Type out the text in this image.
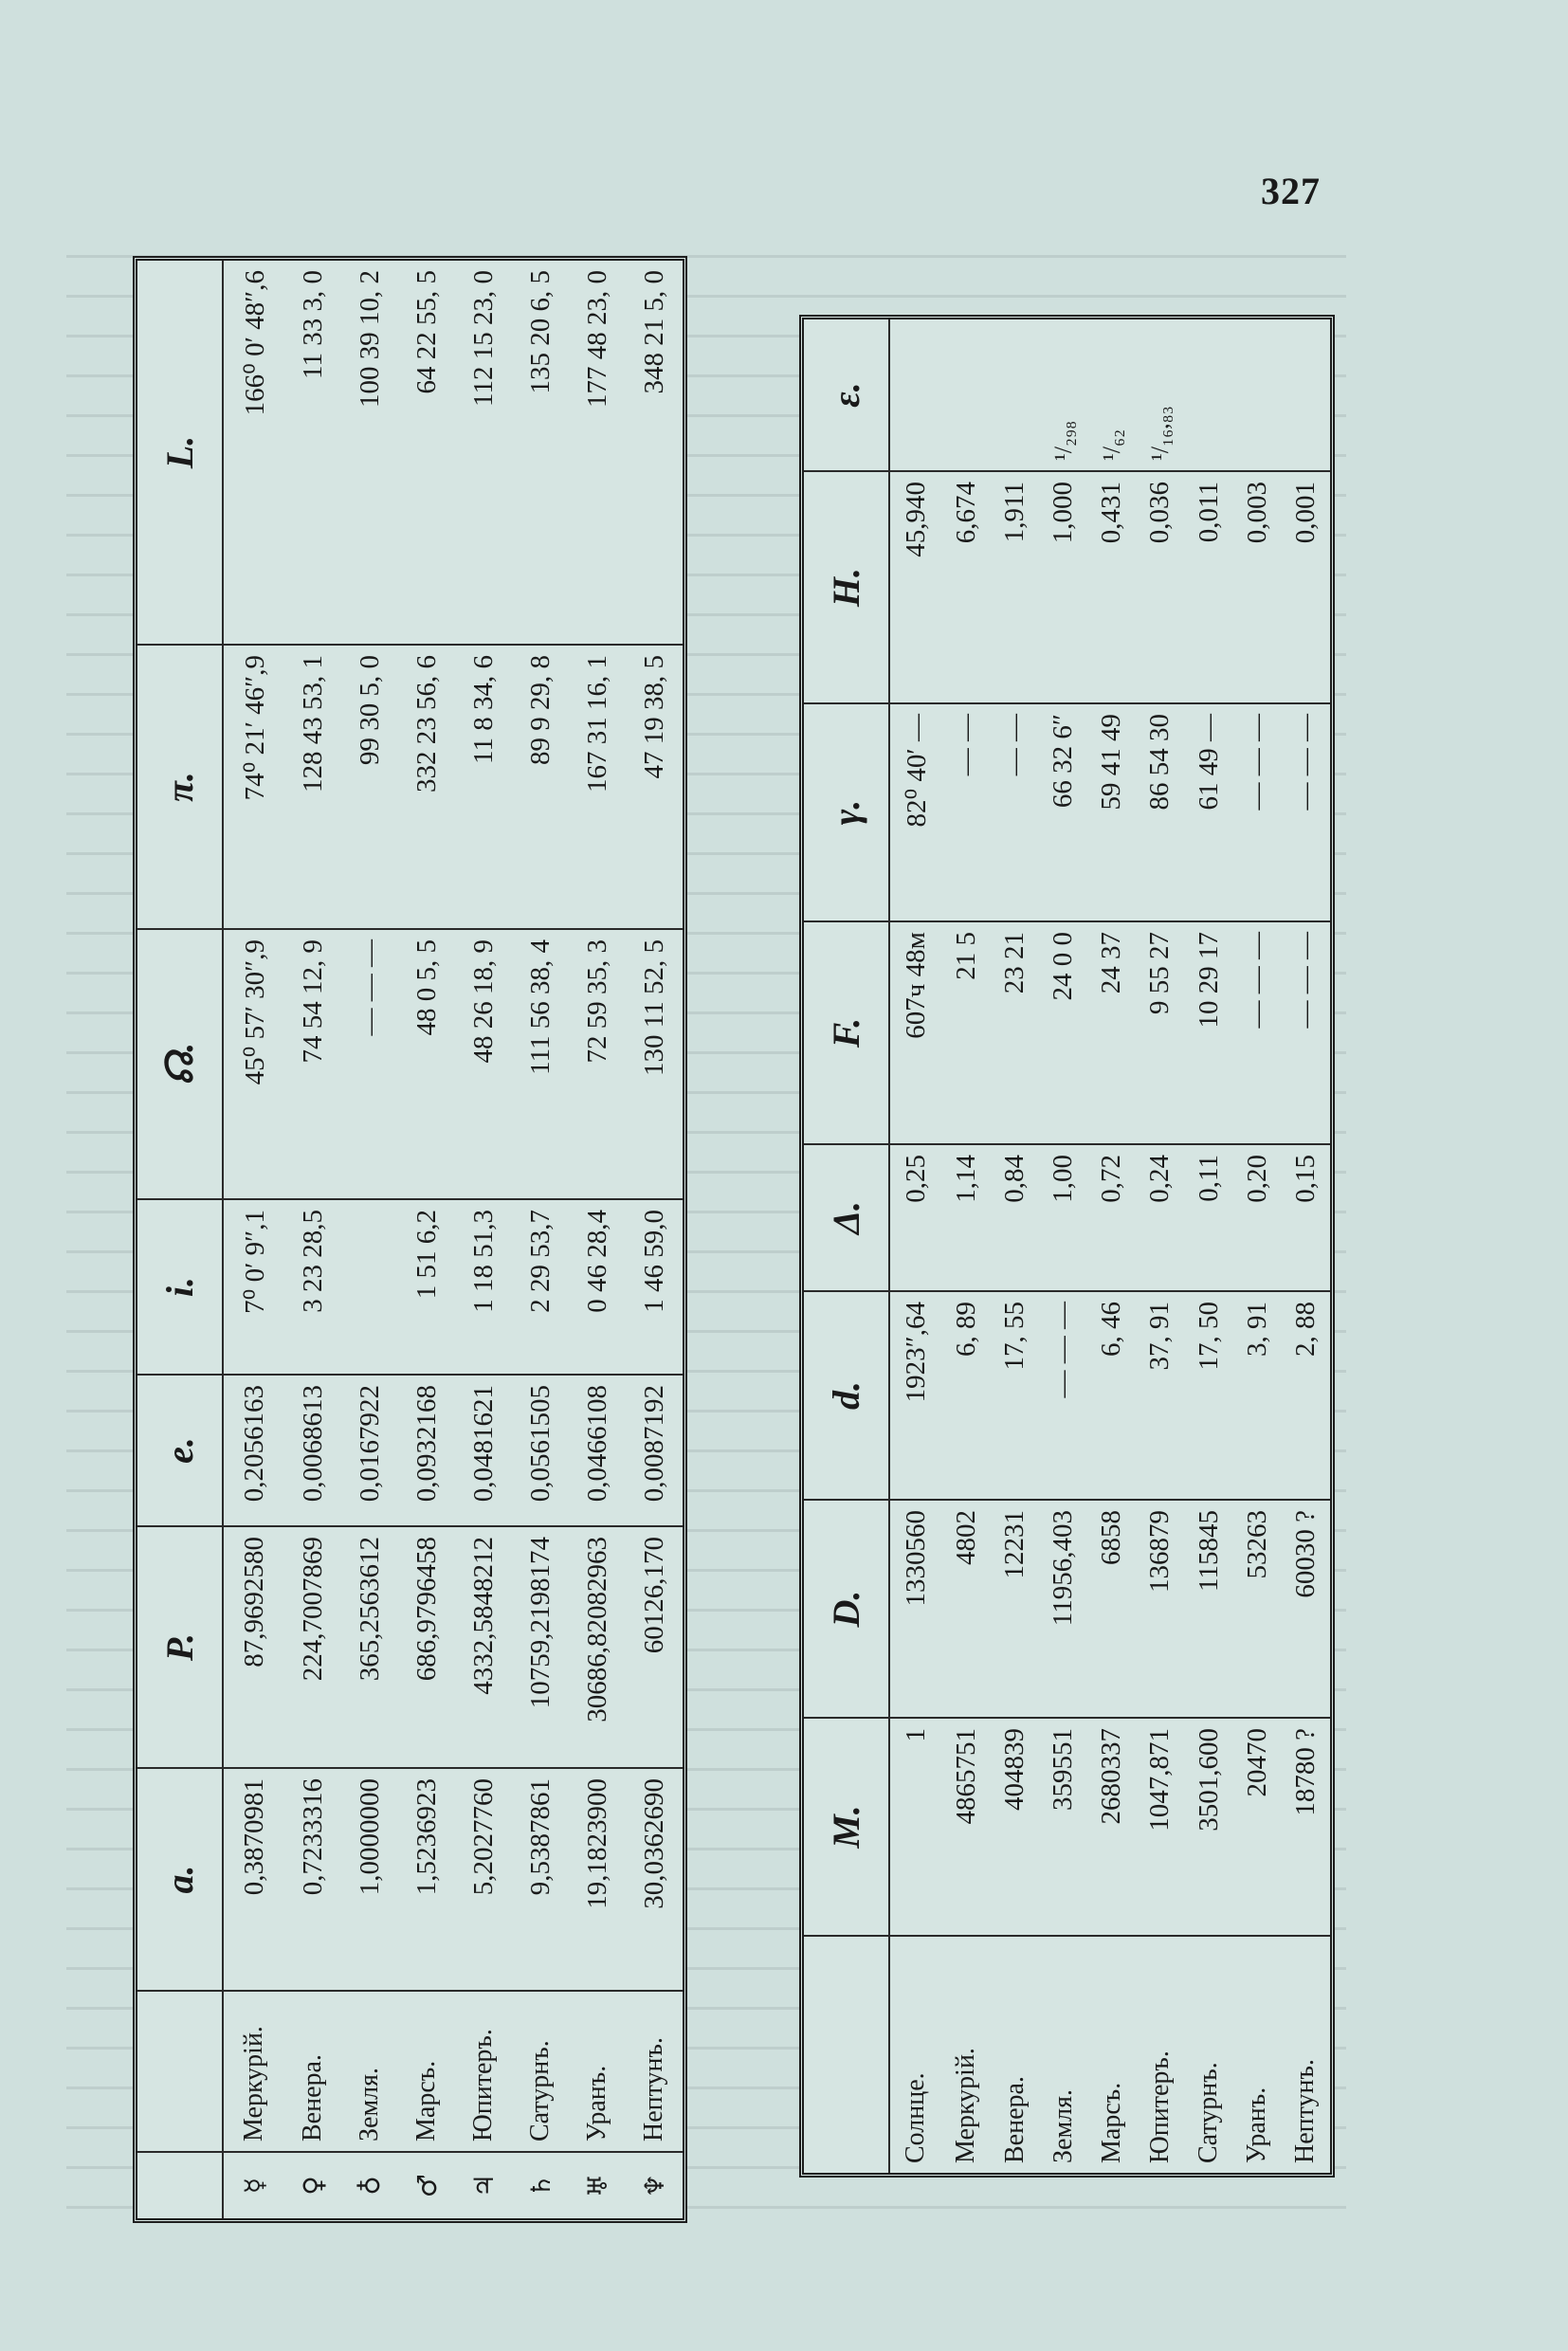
327
		a.	P.	e.	i.	☊.	π.	L.
☿	Меркурій.	0,3870981	87,9692580	0,2056163	7⁰ 0′ 9″,1	45⁰ 57′ 30″,9	74⁰ 21′ 46″,9	166⁰ 0′ 48″,6
♀	Венера.	0,7233316	224,7007869	0,0068613	3 23 28,5	74 54 12, 9	128 43 53, 1	11 33 3, 0
♁	Земля.	1,0000000	365,2563612	0,0167922		— — —	99 30 5, 0	100 39 10, 2
♂	Марсъ.	1,5236923	686,9796458	0,0932168	1 51 6,2	48 0 5, 5	332 23 56, 6	64 22 55, 5
♃	Юпитеръ.	5,2027760	4332,5848212	0,0481621	1 18 51,3	48 26 18, 9	11 8 34, 6	112 15 23, 0
♄	Сатурнъ.	9,5387861	10759,2198174	0,0561505	2 29 53,7	111 56 38, 4	89 9 29, 8	135 20 6, 5
♅	Уранъ.	19,1823900	30686,82082963	0,0466108	0 46 28,4	72 59 35, 3	167 31 16, 1	177 48 23, 0
♆	Нептунъ.	30,0362690	60126,170	0,0087192	1 46 59,0	130 11 52, 5	47 19 38, 5	348 21 5, 0
	M.	D.	d.	Δ.	F.	γ.	H.	ε.
Солнце.	1	1330560	1923″,64	0,25	607ч 48м	82⁰ 40′ —	45,940	
Меркурій.	4865751	4802	6, 89	1,14	21 5	— —	6,674	
Венера.	404839	12231	17, 55	0,84	23 21	— —	1,911	
Земля.	359551	11956,403	— — —	1,00	24 0 0	66 32 6″	1,000	¹/₂₉₈
Марсъ.	2680337	6858	6, 46	0,72	24 37	59 41 49	0,431	¹/₆₂
Юпитеръ.	1047,871	136879	37, 91	0,24	9 55 27	86 54 30	0,036	¹/₁₆,₈₃
Сатурнъ.	3501,600	115845	17, 50	0,11	10 29 17	61 49 —	0,011	
Уранъ.	20470	53263	3, 91	0,20	— — —	— — —	0,003	
Нептунъ.	18780 ?	60030 ?	2, 88	0,15	— — —	— — —	0,001	
